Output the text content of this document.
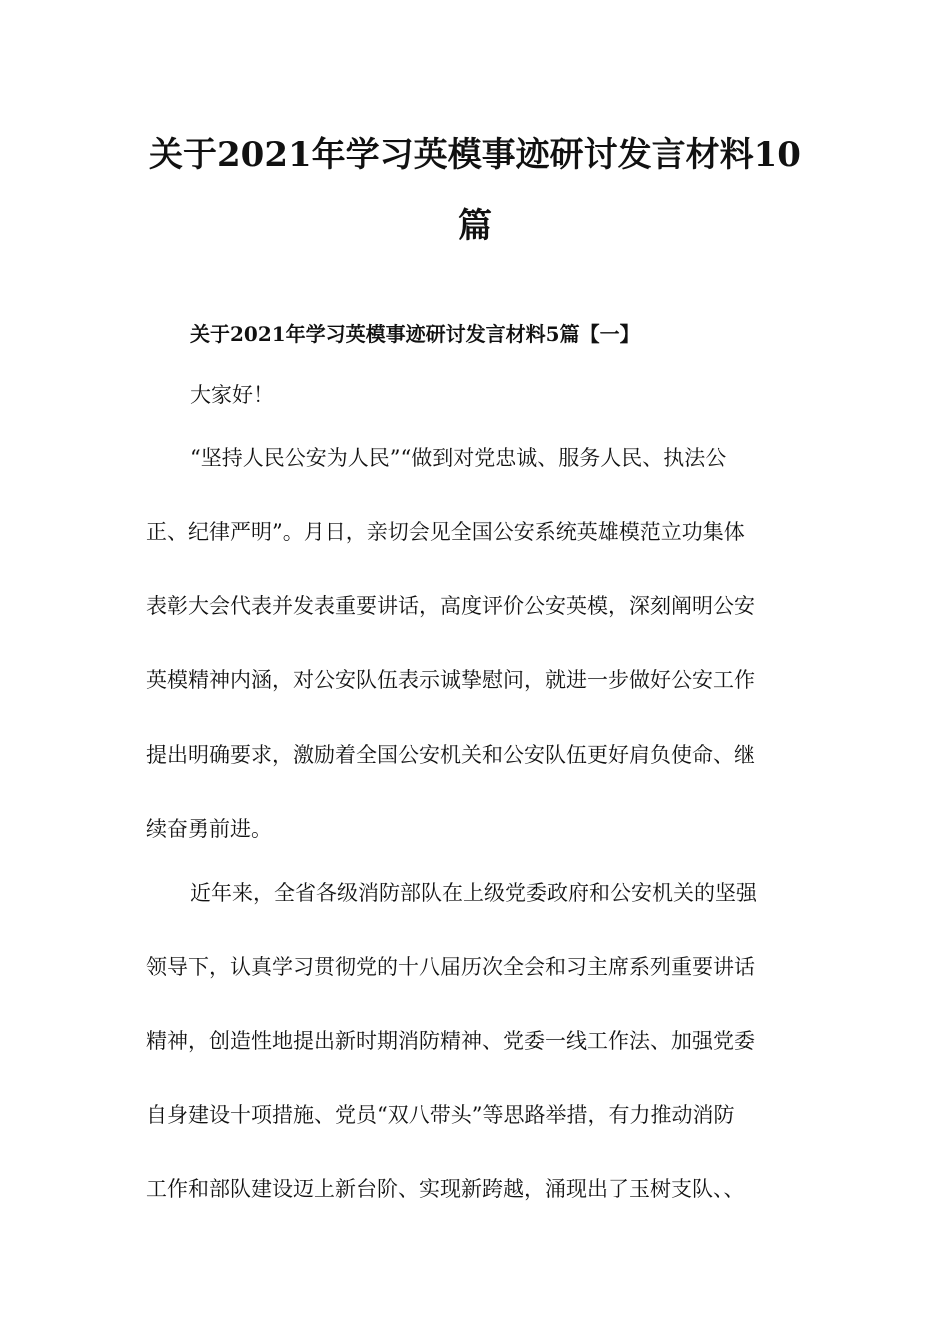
关于2021年学习英模事迹研讨发言材料10
篇
关于2021年学习英模事迹研讨发言材料5篇【一】

大家好！

“坚持人民公安为人民”“做到对党忠诚、服务人民、执法公

正、纪律严明”。月日，亲切会见全国公安系统英雄模范立功集体

表彰大会代表并发表重要讲话，高度评价公安英模，深刻阐明公安

英模精神内涵，对公安队伍表示诚挚慰问，就进一步做好公安工作

提出明确要求，激励着全国公安机关和公安队伍更好肩负使命、继

续奋勇前进。

近年来，全省各级消防部队在上级党委政府和公安机关的坚强

领导下，认真学习贯彻党的十八届历次全会和习主席系列重要讲话

精神，创造性地提出新时期消防精神、党委一线工作法、加强党委

自身建设十项措施、党员“双八带头”等思路举措，有力推动消防

工作和部队建设迈上新台阶、实现新跨越，涌现出了玉树支队、、
